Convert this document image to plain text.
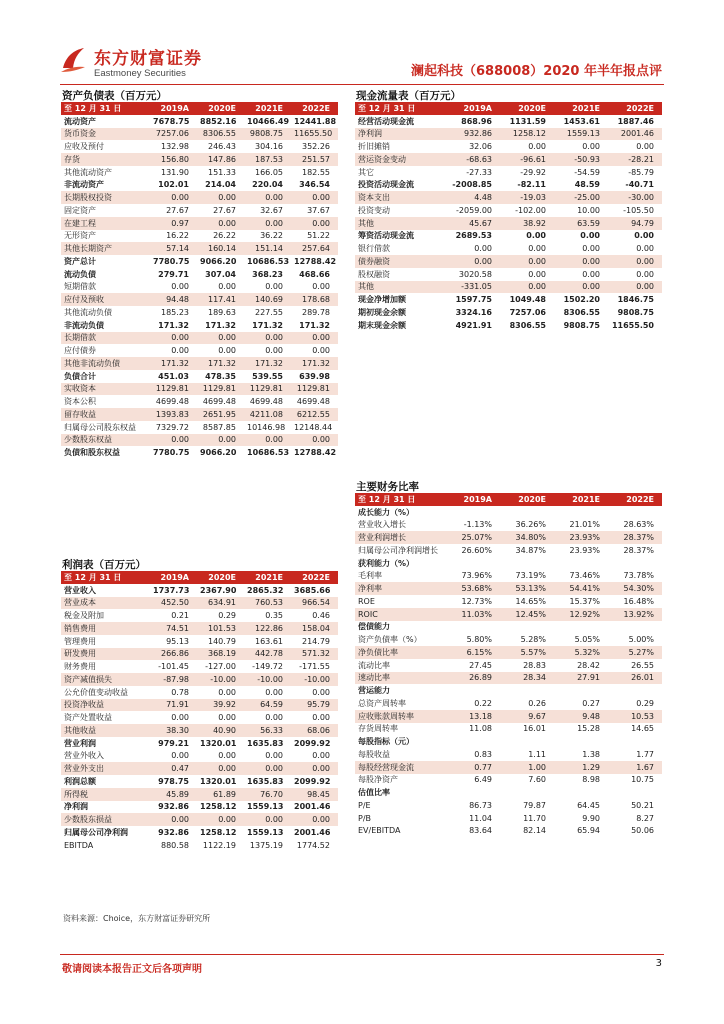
东方财富证券
Eastmoney Securities	澜起科技（688008）2020 年半年报点评
资产负债表（百万元）
至 12 月 31 日	2019A	2020E	2021E	2022E
流动资产	7678.75	8852.16	10466.49	12441.88
货币资金	7257.06	8306.55	9808.75	11655.50
应收及预付	132.98	246.43	304.16	352.26
存货	156.80	147.86	187.53	251.57
其他流动资产	131.90	151.33	166.05	182.55
非流动资产	102.01	214.04	220.04	346.54
长期股权投资	0.00	0.00	0.00	0.00
固定资产	27.67	27.67	32.67	37.67
在建工程	0.97	0.00	0.00	0.00
无形资产	16.22	26.22	36.22	51.22
其他长期资产	57.14	160.14	151.14	257.64
资产总计	7780.75	9066.20	10686.53	12788.42
流动负债	279.71	307.04	368.23	468.66
短期借款	0.00	0.00	0.00	0.00
应付及预收	94.48	117.41	140.69	178.68
其他流动负债	185.23	189.63	227.55	289.78
非流动负债	171.32	171.32	171.32	171.32
长期借款	0.00	0.00	0.00	0.00
应付债券	0.00	0.00	0.00	0.00
其他非流动负债	171.32	171.32	171.32	171.32
负债合计	451.03	478.35	539.55	639.98
实收资本	1129.81	1129.81	1129.81	1129.81
资本公积	4699.48	4699.48	4699.48	4699.48
留存收益	1393.83	2651.95	4211.08	6212.55
归属母公司股东权益	7329.72	8587.85	10146.98	12148.44
少数股东权益	0.00	0.00	0.00	0.00
负债和股东权益	7780.75	9066.20	10686.53	12788.42
现金流量表（百万元）
至 12 月 31 日	2019A	2020E	2021E	2022E
经营活动现金流	868.96	1131.59	1453.61	1887.46
净利润	932.86	1258.12	1559.13	2001.46
折旧摊销	32.06	0.00	0.00	0.00
营运资金变动	-68.63	-96.61	-50.93	-28.21
其它	-27.33	-29.92	-54.59	-85.79
投资活动现金流	-2008.85	-82.11	48.59	-40.71
资本支出	4.48	-19.03	-25.00	-30.00
投资变动	-2059.00	-102.00	10.00	-105.50
其他	45.67	38.92	63.59	94.79
筹资活动现金流	2689.53	0.00	0.00	0.00
银行借款	0.00	0.00	0.00	0.00
债券融资	0.00	0.00	0.00	0.00
股权融资	3020.58	0.00	0.00	0.00
其他	-331.05	0.00	0.00	0.00
现金净增加额	1597.75	1049.48	1502.20	1846.75
期初现金余额	3324.16	7257.06	8306.55	9808.75
期末现金余额	4921.91	8306.55	9808.75	11655.50
利润表（百万元）
至 12 月 31 日	2019A	2020E	2021E	2022E
营业收入	1737.73	2367.90	2865.32	3685.66
营业成本	452.50	634.91	760.53	966.54
税金及附加	0.21	0.29	0.35	0.46
销售费用	74.51	101.53	122.86	158.04
管理费用	95.13	140.79	163.61	214.79
研发费用	266.86	368.19	442.78	571.32
财务费用	-101.45	-127.00	-149.72	-171.55
资产减值损失	-87.98	-10.00	-10.00	-10.00
公允价值变动收益	0.78	0.00	0.00	0.00
投资净收益	71.91	39.92	64.59	95.79
资产处置收益	0.00	0.00	0.00	0.00
其他收益	38.30	40.90	56.33	68.06
营业利润	979.21	1320.01	1635.83	2099.92
营业外收入	0.00	0.00	0.00	0.00
营业外支出	0.47	0.00	0.00	0.00
利润总额	978.75	1320.01	1635.83	2099.92
所得税	45.89	61.89	76.70	98.45
净利润	932.86	1258.12	1559.13	2001.46
少数股东损益	0.00	0.00	0.00	0.00
归属母公司净利润	932.86	1258.12	1559.13	2001.46
EBITDA	880.58	1122.19	1375.19	1774.52
主要财务比率
至 12 月 31 日	2019A	2020E	2021E	2022E
成长能力（%）				
营业收入增长	-1.13%	36.26%	21.01%	28.63%
营业利润增长	25.07%	34.80%	23.93%	28.37%
归属母公司净利润增长	26.60%	34.87%	23.93%	28.37%
获利能力（%）				
毛利率	73.96%	73.19%	73.46%	73.78%
净利率	53.68%	53.13%	54.41%	54.30%
ROE	12.73%	14.65%	15.37%	16.48%
ROIC	11.03%	12.45%	12.92%	13.92%
偿债能力				
资产负债率（%）	5.80%	5.28%	5.05%	5.00%
净负债比率	6.15%	5.57%	5.32%	5.27%
流动比率	27.45	28.83	28.42	26.55
速动比率	26.89	28.34	27.91	26.01
营运能力				
总资产周转率	0.22	0.26	0.27	0.29
应收账款周转率	13.18	9.67	9.48	10.53
存货周转率	11.08	16.01	15.28	14.65
每股指标（元）				
每股收益	0.83	1.11	1.38	1.77
每股经营现金流	0.77	1.00	1.29	1.67
每股净资产	6.49	7.60	8.98	10.75
估值比率				
P/E	86.73	79.87	64.45	50.21
P/B	11.04	11.70	9.90	8.27
EV/EBITDA	83.64	82.14	65.94	50.06
资料来源：Choice，东方财富证券研究所
敬请阅读本报告正文后各项声明
3
